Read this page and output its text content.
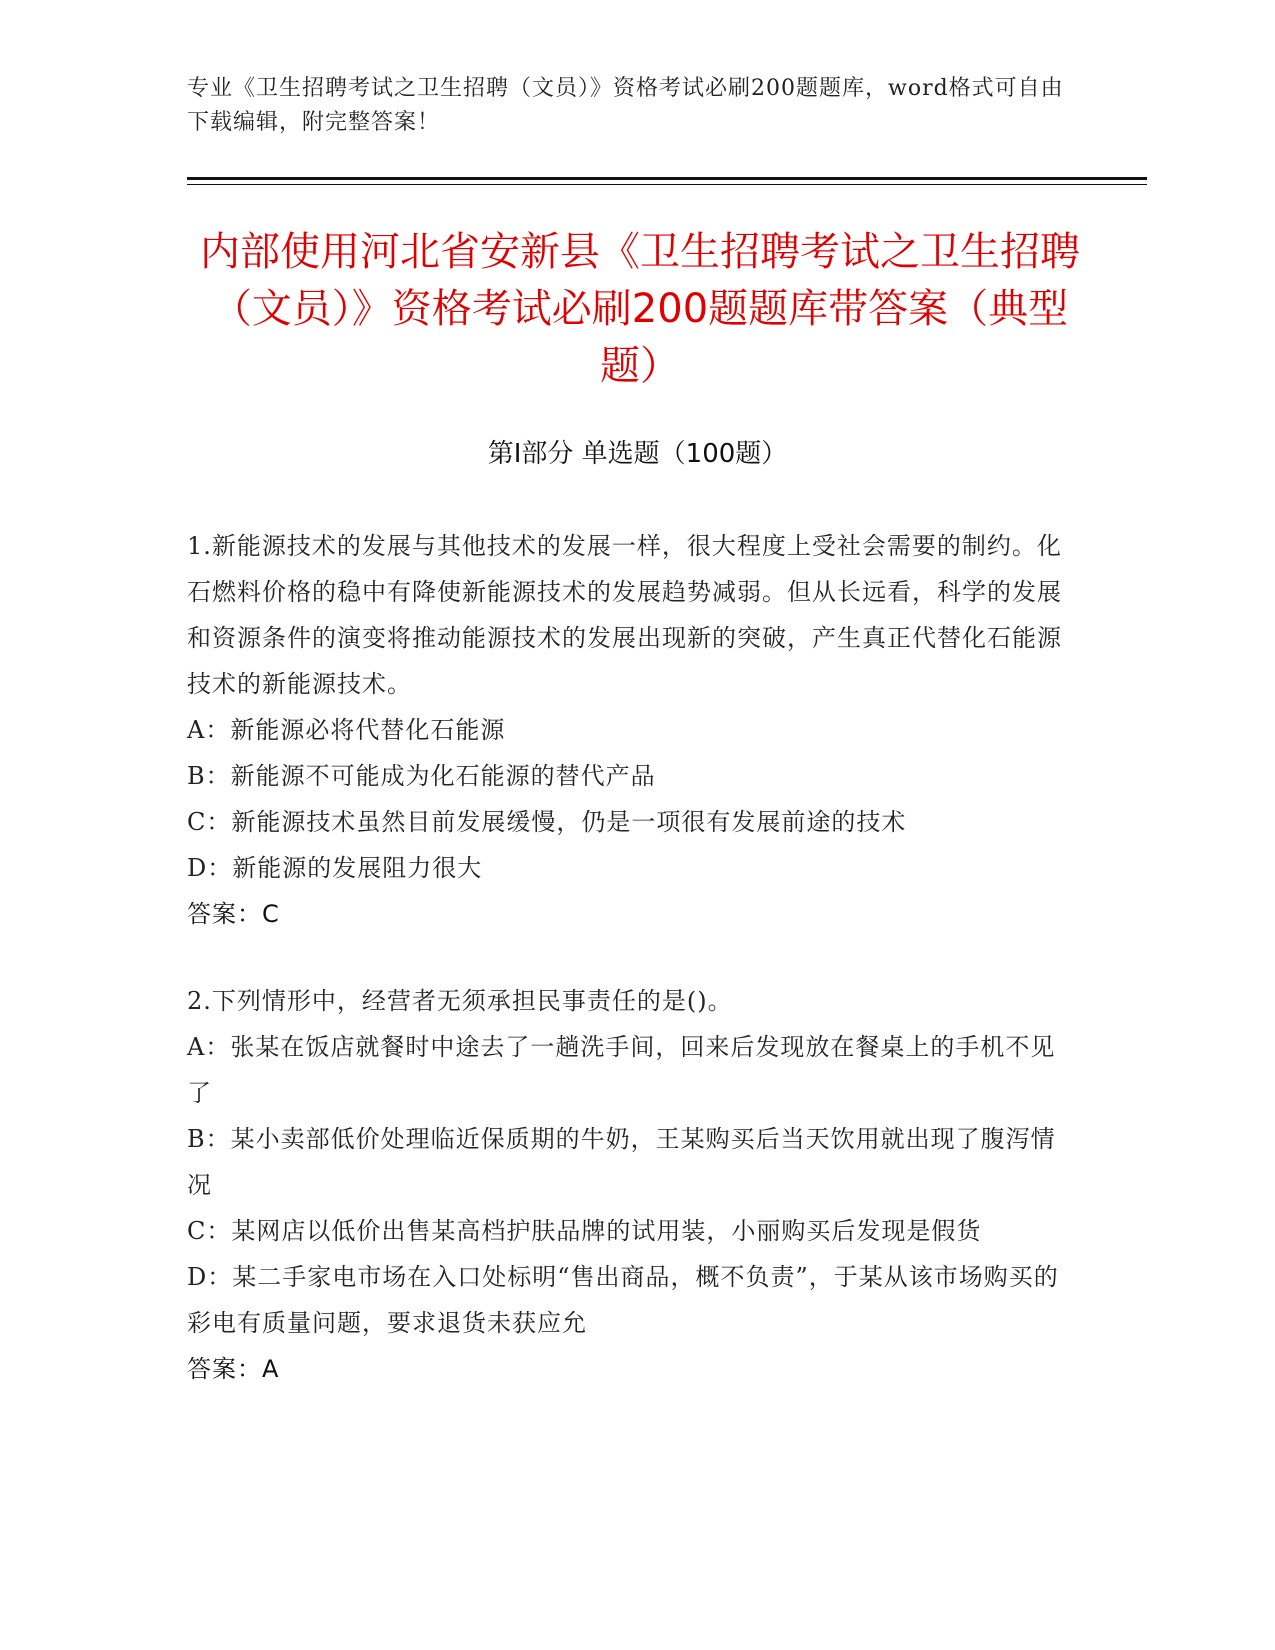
专业《卫生招聘考试之卫生招聘（文员）》资格考试必刷200题题库，word格式可自由下载编辑，附完整答案！
内部使用河北省安新县《卫生招聘考试之卫生招聘（文员）》资格考试必刷200题题库带答案（典型题）
第Ⅰ部分 单选题（100题）
1.新能源技术的发展与其他技术的发展一样，很大程度上受社会需要的制约。化石燃料价格的稳中有降使新能源技术的发展趋势减弱。但从长远看，科学的发展和资源条件的演变将推动能源技术的发展出现新的突破，产生真正代替化石能源技术的新能源技术。
A：新能源必将代替化石能源
B：新能源不可能成为化石能源的替代产品
C：新能源技术虽然目前发展缓慢，仍是一项很有发展前途的技术
D：新能源的发展阻力很大
答案：C
2.下列情形中，经营者无须承担民事责任的是()。
A：张某在饭店就餐时中途去了一趟洗手间，回来后发现放在餐桌上的手机不见了
B：某小卖部低价处理临近保质期的牛奶，王某购买后当天饮用就出现了腹泻情况
C：某网店以低价出售某高档护肤品牌的试用装，小丽购买后发现是假货
D：某二手家电市场在入口处标明“售出商品，概不负责”，于某从该市场购买的彩电有质量问题，要求退货未获应允
答案：A
